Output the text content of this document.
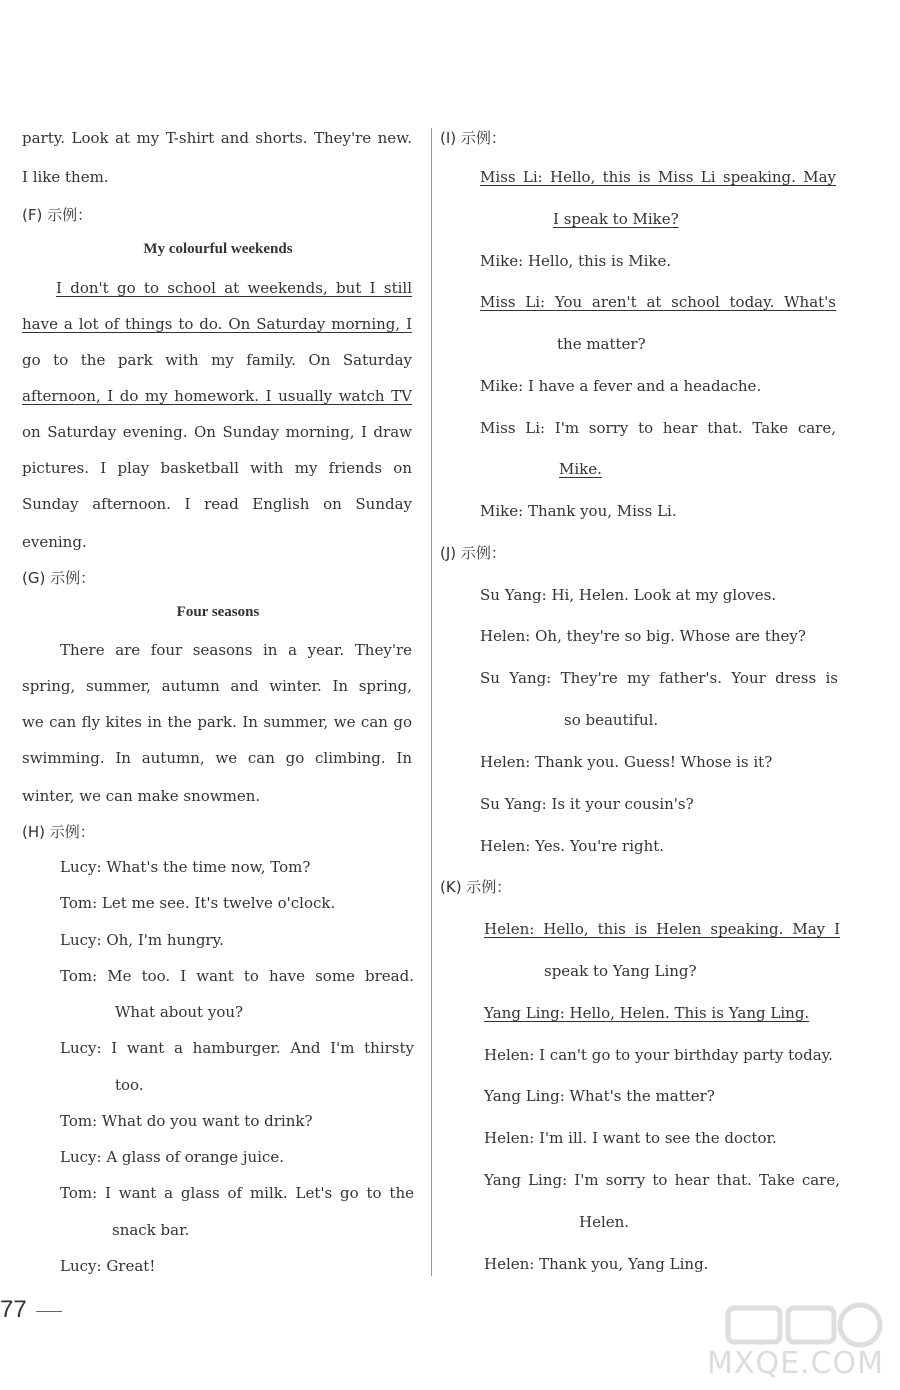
party. Look at my T-shirt and shorts. They're new.
I like them.
(F) 示例：
My colourful weekends
I don't go to school at weekends, but I still
have a lot of things to do. On Saturday morning, I
go to the park with my family. On Saturday
afternoon, I do my homework. I usually watch TV
on Saturday evening. On Sunday morning, I draw
pictures. I play basketball with my friends on
Sunday afternoon. I read English on Sunday
evening.
(G) 示例：
Four seasons
There are four seasons in a year. They're
spring, summer, autumn and winter. In spring,
we can fly kites in the park. In summer, we can go
swimming. In autumn, we can go climbing. In
winter, we can make snowmen.
(H) 示例：
Lucy: What's the time now, Tom?
Tom: Let me see. It's twelve o'clock.
Lucy: Oh, I'm hungry.
Tom: Me too. I want to have some bread.
What about you?
Lucy: I want a hamburger. And I'm thirsty
too.
Tom: What do you want to drink?
Lucy: A glass of orange juice.
Tom: I want a glass of milk. Let's go to the
snack bar.
Lucy: Great!
(I) 示例：
Miss Li: Hello, this is Miss Li speaking. May
I speak to Mike?
Mike: Hello, this is Mike.
Miss Li: You aren't at school today. What's
the matter?
Mike: I have a fever and a headache.
Miss Li: I'm sorry to hear that. Take care,
Mike.
Mike: Thank you, Miss Li.
(J) 示例：
Su Yang: Hi, Helen. Look at my gloves.
Helen: Oh, they're so big. Whose are they?
Su Yang: They're my father's. Your dress is
so beautiful.
Helen: Thank you. Guess! Whose is it?
Su Yang: Is it your cousin's?
Helen: Yes. You're right.
(K) 示例：
Helen: Hello, this is Helen speaking. May I
speak to Yang Ling?
Yang Ling: Hello, Helen. This is Yang Ling.
Helen: I can't go to your birthday party today.
Yang Ling: What's the matter?
Helen: I'm ill. I want to see the doctor.
Yang Ling: I'm sorry to hear that. Take care,
Helen.
Helen: Thank you, Yang Ling.
77
MXQE.COM
